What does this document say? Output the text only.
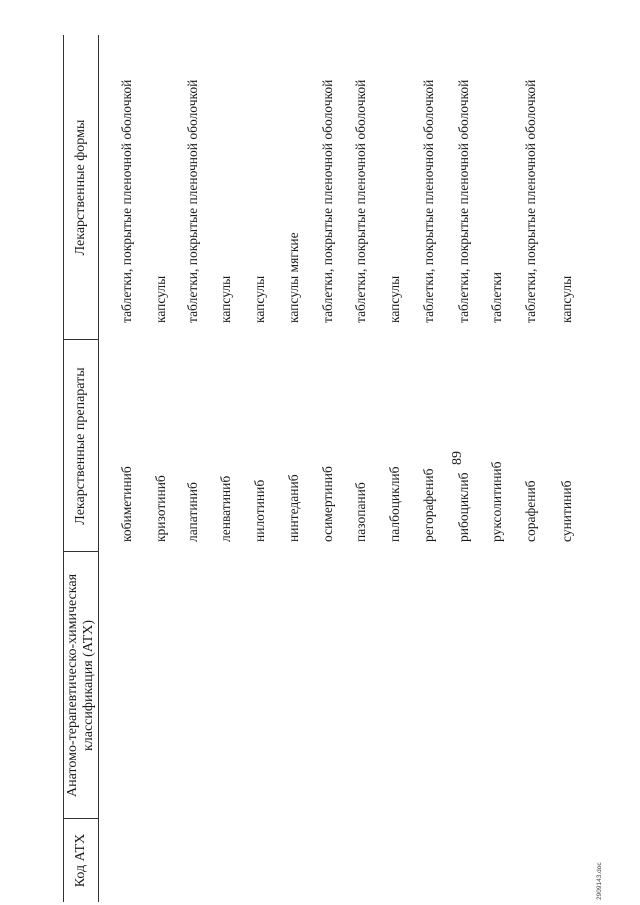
89
2909143.doc
Код АТХ
Анатомо-терапевтическо-химическая классификация (АТХ)
Лекарственные препараты
Лекарственные формы
кобиметиниб
таблетки, покрытые пленочной оболочкой
кризотиниб
капсулы
лапатиниб
таблетки, покрытые пленочной оболочкой
ленватиниб
капсулы
нилотиниб
капсулы
нинтеданиб
капсулы мягкие
осимертиниб
таблетки, покрытые пленочной оболочкой
пазопаниб
таблетки, покрытые пленочной оболочкой
палбоциклиб
капсулы
регорафениб
таблетки, покрытые пленочной оболочкой
рибоциклиб
таблетки, покрытые пленочной оболочкой
руксолитиниб
таблетки
сорафениб
таблетки, покрытые пленочной оболочкой
сунитиниб
капсулы
